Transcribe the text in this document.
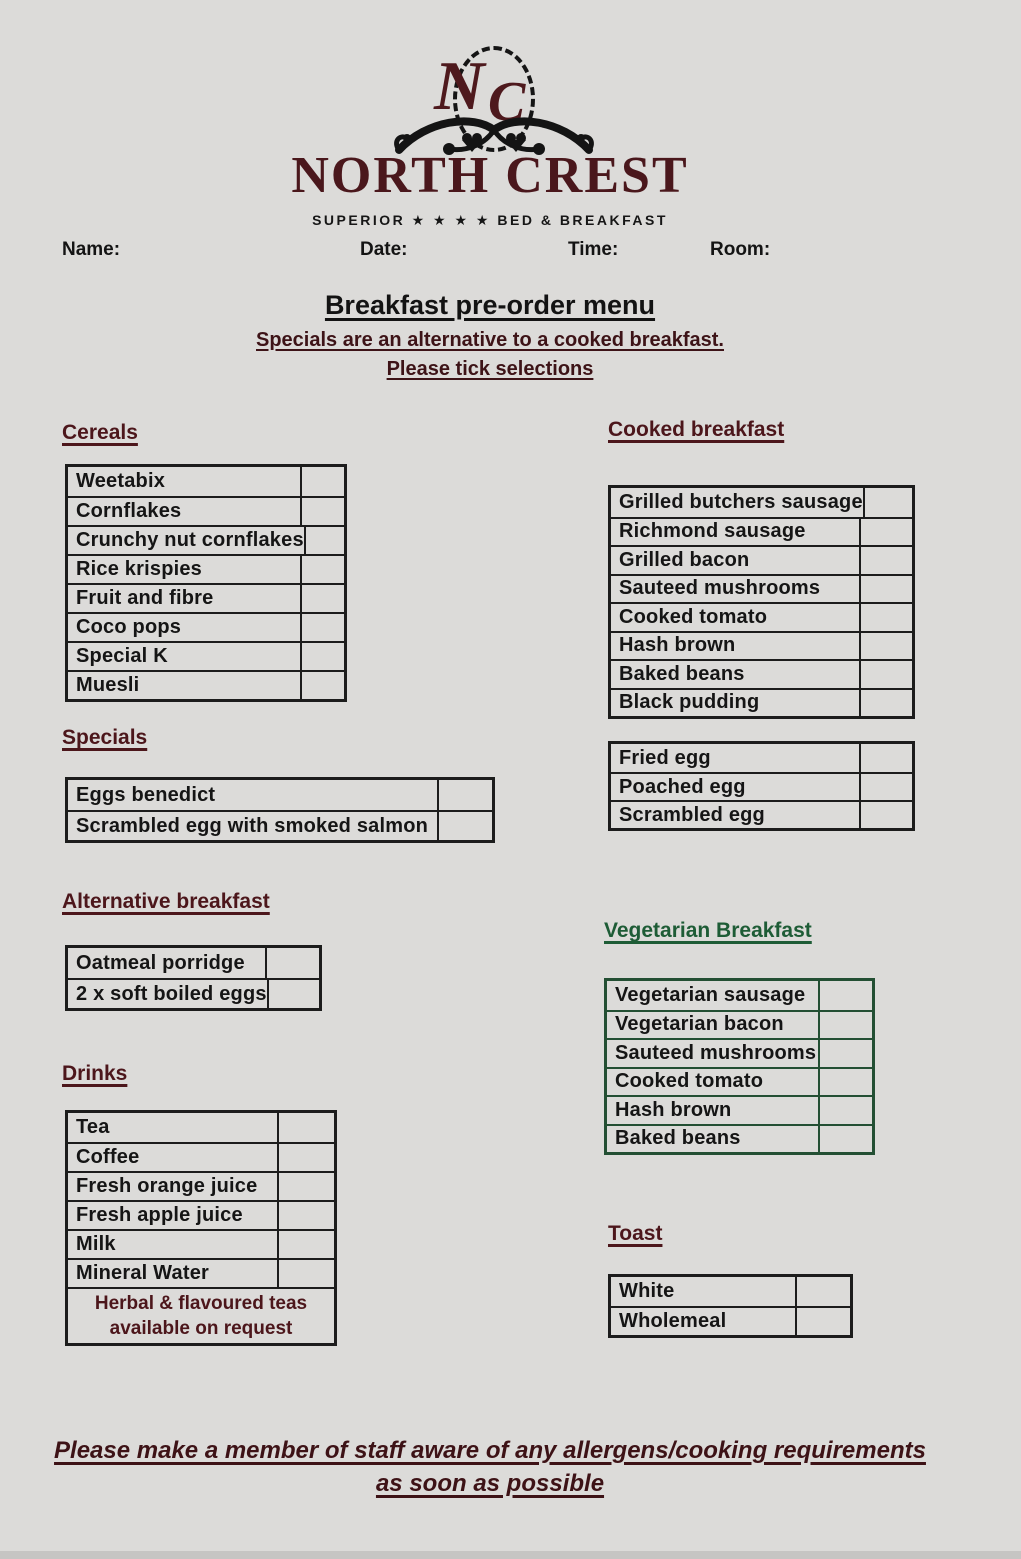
N C
NORTH CREST
SUPERIOR ★ ★ ★ ★ BED & BREAKFAST
Name:	Date:	Time:	Room:
Breakfast pre-order menu
Specials are an alternative to a cooked breakfast.
Please tick selections
Cereals
Weetabix
Cornflakes
Crunchy nut cornflakes
Rice krispies
Fruit and fibre
Coco pops
Special K
Muesli
Specials
Eggs benedict
Scrambled egg with smoked salmon
Alternative breakfast
Oatmeal porridge
2 x soft boiled eggs
Drinks
Tea
Coffee
Fresh orange juice
Fresh apple juice
Milk
Mineral Water
Herbal & flavoured teas
available on request
Cooked breakfast
Grilled butchers sausage
Richmond sausage
Grilled bacon
Sauteed mushrooms
Cooked tomato
Hash brown
Baked beans
Black pudding
Fried egg
Poached egg
Scrambled egg
Vegetarian Breakfast
Vegetarian sausage
Vegetarian bacon
Sauteed mushrooms
Cooked tomato
Hash brown
Baked beans
Toast
White
Wholemeal
Please make a member of staff aware of any allergens/cooking requirements
as soon as possible
